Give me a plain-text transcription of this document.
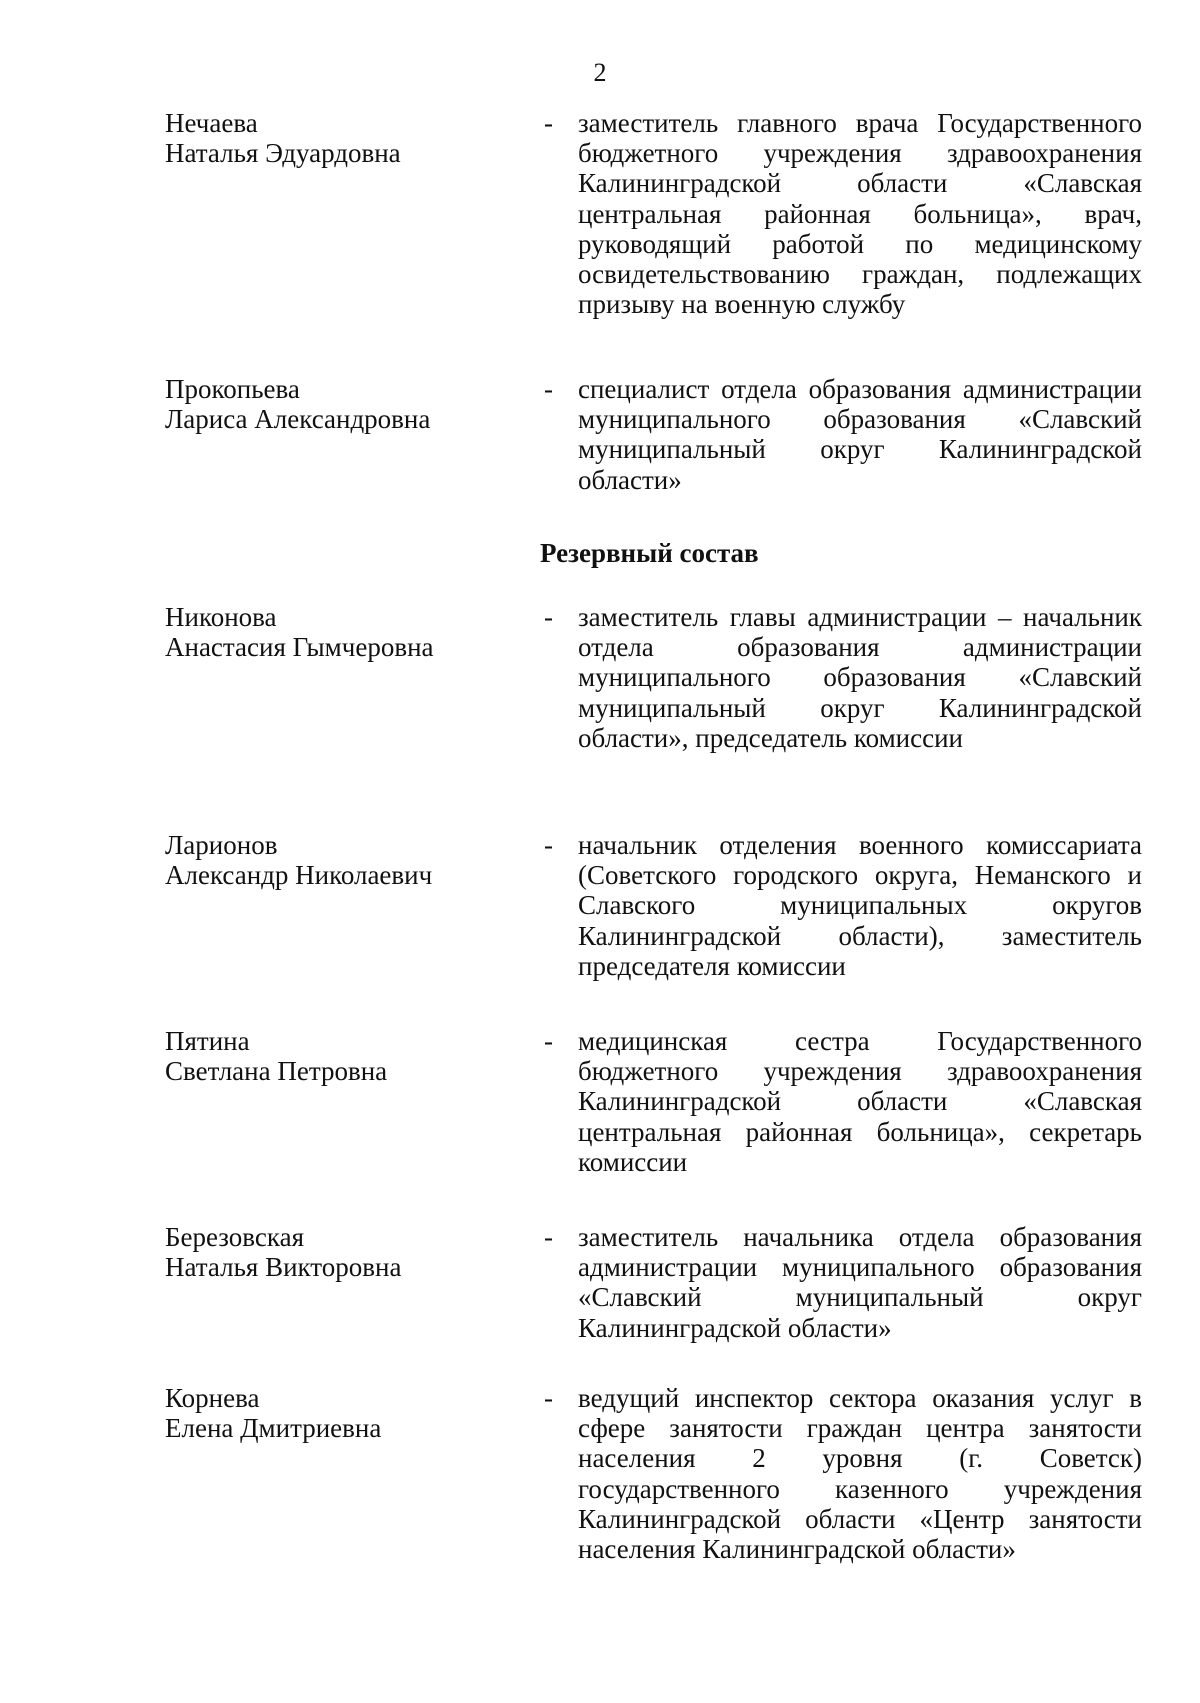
2
Нечаева
Наталья Эдуардовна
- заместитель главного врача Государственного бюджетного учреждения здравоохранения Калининградской области «Славская центральная районная больница», врач, руководящий работой по медицинскому освидетельствованию граждан, подлежащих призыву на военную службу
Прокопьева
Лариса Александровна
- специалист отдела образования администрации муниципального образования «Славский муниципальный округ Калининградской области»
Резервный состав
Никонова
Анастасия Гымчеровна
- заместитель главы администрации – начальник отдела образования администрации муниципального образования «Славский муниципальный округ Калининградской области», председатель комиссии
Ларионов
Александр Николаевич
- начальник отделения военного комиссариата (Советского городского округа, Неманского и Славского муниципальных округов Калининградской области), заместитель председателя комиссии
Пятина
Светлана Петровна
- медицинская сестра Государственного бюджетного учреждения здравоохранения Калининградской области «Славская центральная районная больница», секретарь комиссии
Березовская
Наталья Викторовна
- заместитель начальника отдела образования администрации муниципального образования «Славский муниципальный округ Калининградской области»
Корнева
Елена Дмитриевна
- ведущий инспектор сектора оказания услуг в сфере занятости граждан центра занятости населения 2 уровня (г. Советск) государственного казенного учреждения Калининградской области «Центр занятости населения Калининградской области»
